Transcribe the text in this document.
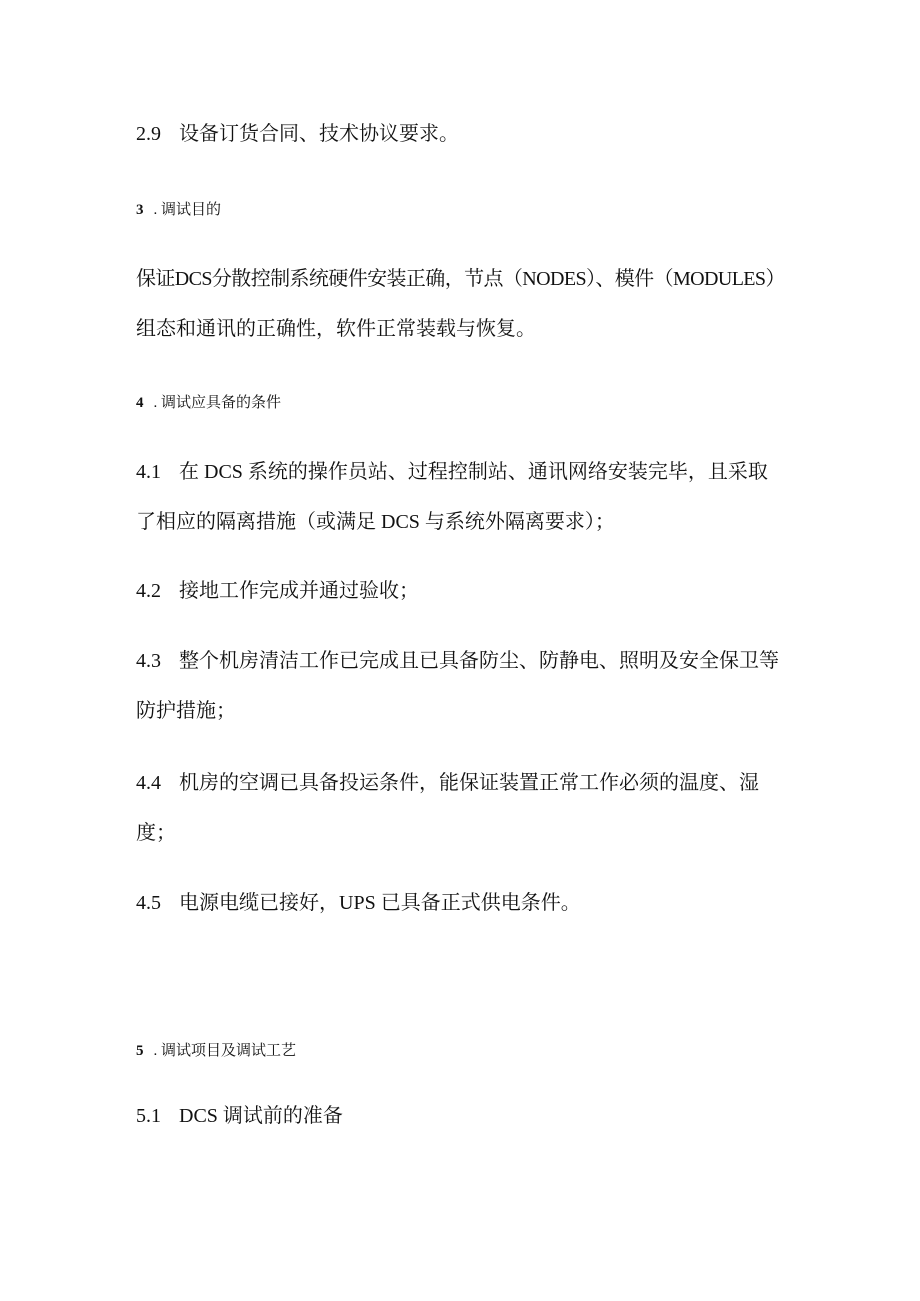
2.9 设备订货合同、技术协议要求。
3 . 调试目的
保证DCS分散控制系统硬件安装正确，节点（NODES）、模件（MODULES）
组态和通讯的正确性，软件正常装载与恢复。
4 . 调试应具备的条件
4.1 在 DCS 系统的操作员站、过程控制站、通讯网络安装完毕，且采取
了相应的隔离措施（或满足 DCS 与系统外隔离要求）；
4.2 接地工作完成并通过验收；
4.3 整个机房清洁工作已完成且已具备防尘、防静电、照明及安全保卫等
防护措施；
4.4 机房的空调已具备投运条件，能保证装置正常工作必须的温度、湿
度；
4.5 电源电缆已接好，UPS 已具备正式供电条件。
5 . 调试项目及调试工艺
5.1 DCS 调试前的准备
